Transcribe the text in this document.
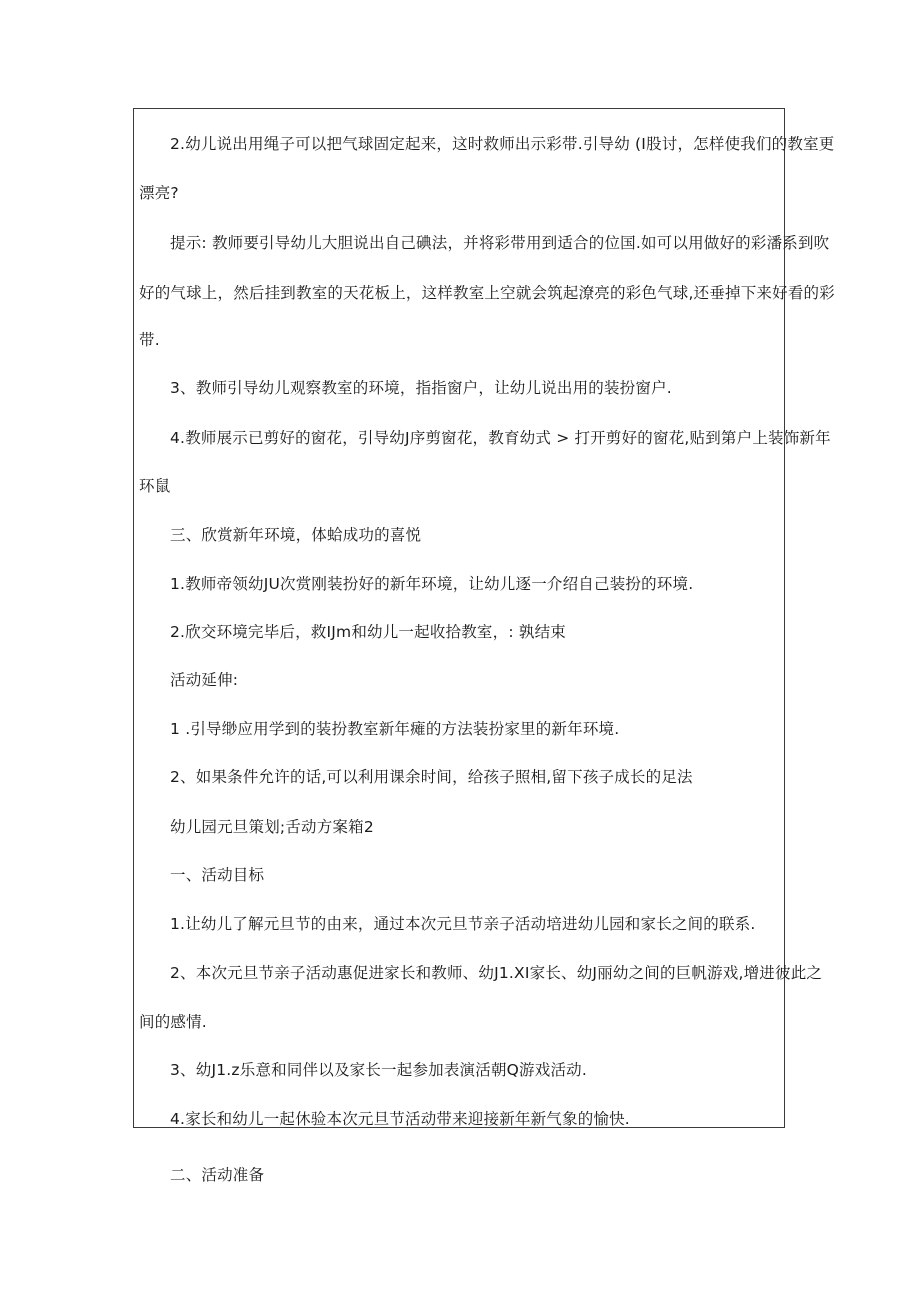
2.幼儿说出用绳子可以把气球固定起来，这时救师出示彩带.引导幼 (I股讨，怎样使我们的教室更
漂亮?
提示: 教师要引导幼儿大胆说出自己碘法，并将彩带用到适合的位国.如可以用做好的彩潘系到吹
好的气球上，然后挂到教室的天花板上，这样教室上空就会筑起潦亮的彩色气球,还垂掉下来好看的彩
带.
3、教师引导幼儿观察教室的环境，指指窗户，让幼儿说出用的装扮窗户.
4.教师展示已剪好的窗花，引导幼J序剪窗花，教育幼式 > 打开剪好的窗花,贴到第户上装饰新年
环鼠
三、欣赏新年环境，体蛤成功的喜悦
1.教师帝领幼JU次赏刚装扮好的新年环境，让幼儿逐一介绍自己装扮的环境.
2.欣交环境完毕后，救IJm和幼儿一起收拾教室，: 孰结束
活动延伸:
1 .引导缈应用学到的装扮教室新年瘫的方法装扮家里的新年环境.
2、如果条件允许的话,可以利用课余时间，给孩子照相,留下孩子成长的足法
幼儿园元旦策划;舌动方案箱2
一、活动目标
1.让幼儿了解元旦节的由来，通过本次元旦节亲子活动培进幼儿园和家长之间的联系.
2、本次元旦节亲子活动惠促进家长和教师、幼J1.XI家长、幼J丽幼之间的巨帆游戏,增进彼此之
间的感情.
3、幼J1.z乐意和同伴以及家长一起参加表演活朝Q游戏活动.
4.家长和幼儿一起休验本次元旦节活动带来迎接新年新气象的愉快.
二、活动准备
